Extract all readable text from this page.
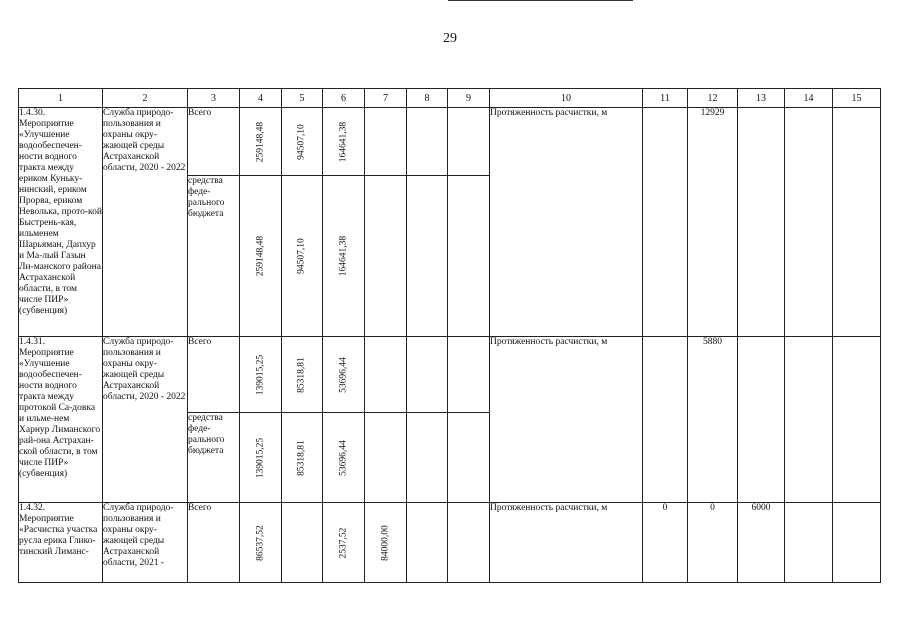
29
1	2	3	4	5	6	7	8	9	10	11	12	13	14	15
1.4.30. Мероприятие «Улучшение водообеспечен-ности водного тракта между ериком Куньку-нинский, ериком Прорва, ериком Неволька, прото-кой Быстрень-кая, ильменем Шарьяман, Дапхур и Ма-лый Газын Ли-манского района Астраханской области, в том числе ПИР» (субвенция)	Служба природо-пользования и охраны окру-жающей среды Астраханской области, 2020 - 2022	Всего	259148,48	94507,10	164641,38				Протяженность расчистки, м		12929			
		средства феде-рального бюджета	259148,48	94507,10	164641,38									

1.4.31. Мероприятие «Улучшение водообеспечен-ности водного тракта между протокой Са-довка и ильме-нем Харнур Лиманского рай-она Астрахан-ской области, в том числе ПИР» (субвенция)	Служба природо-пользования и охраны окру-жающей среды Астраханской области, 2020 - 2022	Всего	139015,25	85318,81	53696,44				Протяженность расчистки, м		5880			
		средства феде-рального бюджета	139015,25	85318,81	53696,44									

1.4.32. Мероприятие «Расчистка участка русла ерика Глико-тинский Лиманс-	Служба природо-пользования и охраны окру-жающей среды Астраханской области, 2021 -	Всего	86537,52		2537,52	84000,00			Протяженность расчистки, м	0	0	6000		
